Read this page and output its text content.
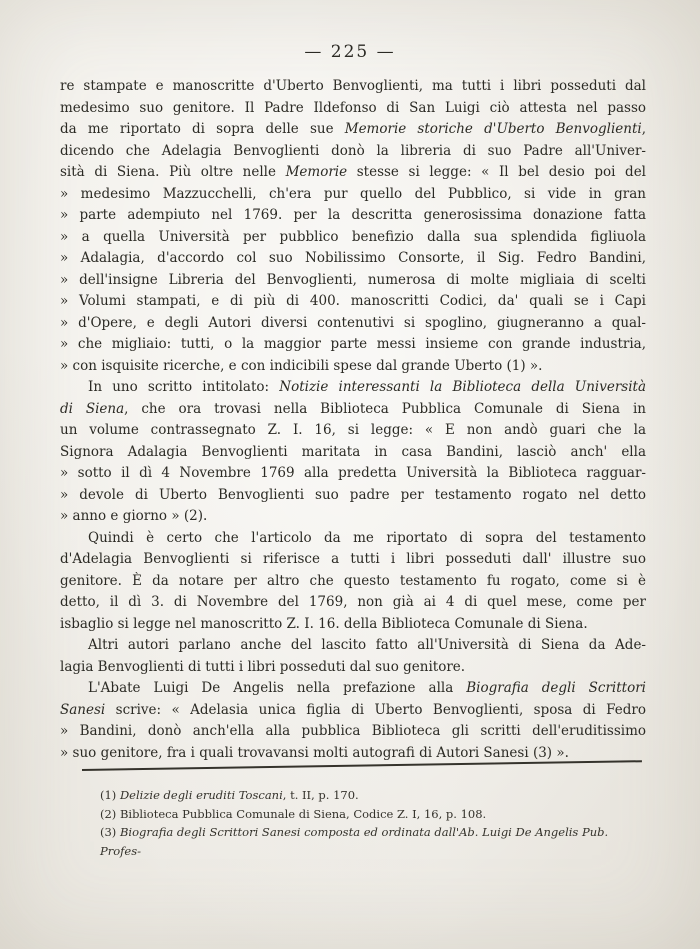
— 225 —
re stampate e manoscritte d'Uberto Benvoglienti, ma tutti i libri posseduti dal
medesimo suo genitore. Il Padre Ildefonso di San Luigi ciò attesta nel passo
da me riportato di sopra delle sue Memorie storiche d'Uberto Benvoglienti,
dicendo che Adelagia Benvoglienti donò la libreria di suo Padre all'Univer-
sità di Siena. Più oltre nelle Memorie stesse si legge: « Il bel desio poi del
» medesimo Mazzucchelli, ch'era pur quello del Pubblico, si vide in gran
» parte adempiuto nel 1769. per la descritta generosissima donazione fatta
» a quella Università per pubblico benefizio dalla sua splendida figliuola
» Adalagia, d'accordo col suo Nobilissimo Consorte, il Sig. Fedro Bandini,
» dell'insigne Libreria del Benvoglienti, numerosa di molte migliaia di scelti
» Volumi stampati, e di più di 400. manoscritti Codici, da' quali se i Capi
» d'Opere, e degli Autori diversi contenutivi si spoglino, giugneranno a qual-
» che migliaio: tutti, o la maggior parte messi insieme con grande industria,
» con isquisite ricerche, e con indicibili spese dal grande Uberto (1) ».
In uno scritto intitolato: Notizie interessanti la Biblioteca della Università
di Siena, che ora trovasi nella Biblioteca Pubblica Comunale di Siena in
un volume contrassegnato Z. I. 16, si legge: « E non andò guari che la
Signora Adalagia Benvoglienti maritata in casa Bandini, lasciò anch' ella
» sotto il dì 4 Novembre 1769 alla predetta Università la Biblioteca ragguar-
» devole di Uberto Benvoglienti suo padre per testamento rogato nel detto
» anno e giorno » (2).
Quindi è certo che l'articolo da me riportato di sopra del testamento
d'Adelagia Benvoglienti si riferisce a tutti i libri posseduti dall' illustre suo
genitore. È da notare per altro che questo testamento fu rogato, come si è
detto, il dì 3. di Novembre del 1769, non già ai 4 di quel mese, come per
isbaglio si legge nel manoscritto Z. I. 16. della Biblioteca Comunale di Siena.
Altri autori parlano anche del lascito fatto all'Università di Siena da Ade-
lagia Benvoglienti di tutti i libri posseduti dal suo genitore.
L'Abate Luigi De Angelis nella prefazione alla Biografia degli Scrittori
Sanesi scrive: « Adelasia unica figlia di Uberto Benvoglienti, sposa di Fedro
» Bandini, donò anch'ella alla pubblica Biblioteca gli scritti dell'eruditissimo
» suo genitore, fra i quali trovavansi molti autografi di Autori Sanesi (3) ».
(1) Delizie degli eruditi Toscani, t. II, p. 170.
(2) Biblioteca Pubblica Comunale di Siena, Codice Z. I, 16, p. 108.
(3) Biografia degli Scrittori Sanesi composta ed ordinata dall'Ab. Luigi De Angelis Pub. Profes-
